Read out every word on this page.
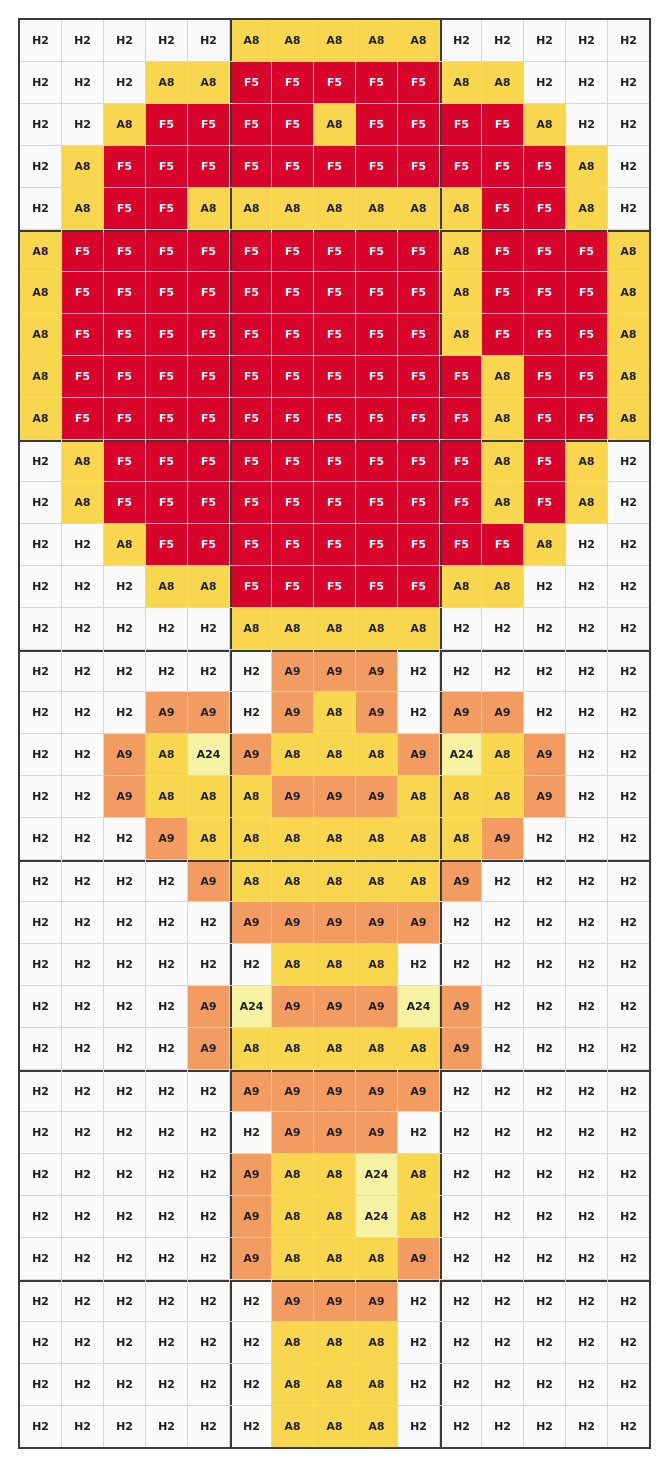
H2	H2	H2	H2	H2	A8	A8	A8	A8	A8	H2	H2	H2	H2	H2
H2	H2	H2	A8	A8	F5	F5	F5	F5	F5	A8	A8	H2	H2	H2
H2	H2	A8	F5	F5	F5	F5	A8	F5	F5	F5	F5	A8	H2	H2
H2	A8	F5	F5	F5	F5	F5	F5	F5	F5	F5	F5	F5	A8	H2
H2	A8	F5	F5	A8	A8	A8	A8	A8	A8	A8	F5	F5	A8	H2
A8	F5	F5	F5	F5	F5	F5	F5	F5	F5	A8	F5	F5	F5	A8
A8	F5	F5	F5	F5	F5	F5	F5	F5	F5	A8	F5	F5	F5	A8
A8	F5	F5	F5	F5	F5	F5	F5	F5	F5	A8	F5	F5	F5	A8
A8	F5	F5	F5	F5	F5	F5	F5	F5	F5	F5	A8	F5	F5	A8
A8	F5	F5	F5	F5	F5	F5	F5	F5	F5	F5	A8	F5	F5	A8
H2	A8	F5	F5	F5	F5	F5	F5	F5	F5	F5	A8	F5	A8	H2
H2	A8	F5	F5	F5	F5	F5	F5	F5	F5	F5	A8	F5	A8	H2
H2	H2	A8	F5	F5	F5	F5	F5	F5	F5	F5	F5	A8	H2	H2
H2	H2	H2	A8	A8	F5	F5	F5	F5	F5	A8	A8	H2	H2	H2
H2	H2	H2	H2	H2	A8	A8	A8	A8	A8	H2	H2	H2	H2	H2
H2	H2	H2	H2	H2	H2	A9	A9	A9	H2	H2	H2	H2	H2	H2
H2	H2	H2	A9	A9	H2	A9	A8	A9	H2	A9	A9	H2	H2	H2
H2	H2	A9	A8	A24	A9	A8	A8	A8	A9	A24	A8	A9	H2	H2
H2	H2	A9	A8	A8	A8	A9	A9	A9	A8	A8	A8	A9	H2	H2
H2	H2	H2	A9	A8	A8	A8	A8	A8	A8	A8	A9	H2	H2	H2
H2	H2	H2	H2	A9	A8	A8	A8	A8	A8	A9	H2	H2	H2	H2
H2	H2	H2	H2	H2	A9	A9	A9	A9	A9	H2	H2	H2	H2	H2
H2	H2	H2	H2	H2	H2	A8	A8	A8	H2	H2	H2	H2	H2	H2
H2	H2	H2	H2	A9	A24	A9	A9	A9	A24	A9	H2	H2	H2	H2
H2	H2	H2	H2	A9	A8	A8	A8	A8	A8	A9	H2	H2	H2	H2
H2	H2	H2	H2	H2	A9	A9	A9	A9	A9	H2	H2	H2	H2	H2
H2	H2	H2	H2	H2	H2	A9	A9	A9	H2	H2	H2	H2	H2	H2
H2	H2	H2	H2	H2	A9	A8	A8	A24	A8	H2	H2	H2	H2	H2
H2	H2	H2	H2	H2	A9	A8	A8	A24	A8	H2	H2	H2	H2	H2
H2	H2	H2	H2	H2	A9	A8	A8	A8	A9	H2	H2	H2	H2	H2
H2	H2	H2	H2	H2	H2	A9	A9	A9	H2	H2	H2	H2	H2	H2
H2	H2	H2	H2	H2	H2	A8	A8	A8	H2	H2	H2	H2	H2	H2
H2	H2	H2	H2	H2	H2	A8	A8	A8	H2	H2	H2	H2	H2	H2
H2	H2	H2	H2	H2	H2	A8	A8	A8	H2	H2	H2	H2	H2	H2
